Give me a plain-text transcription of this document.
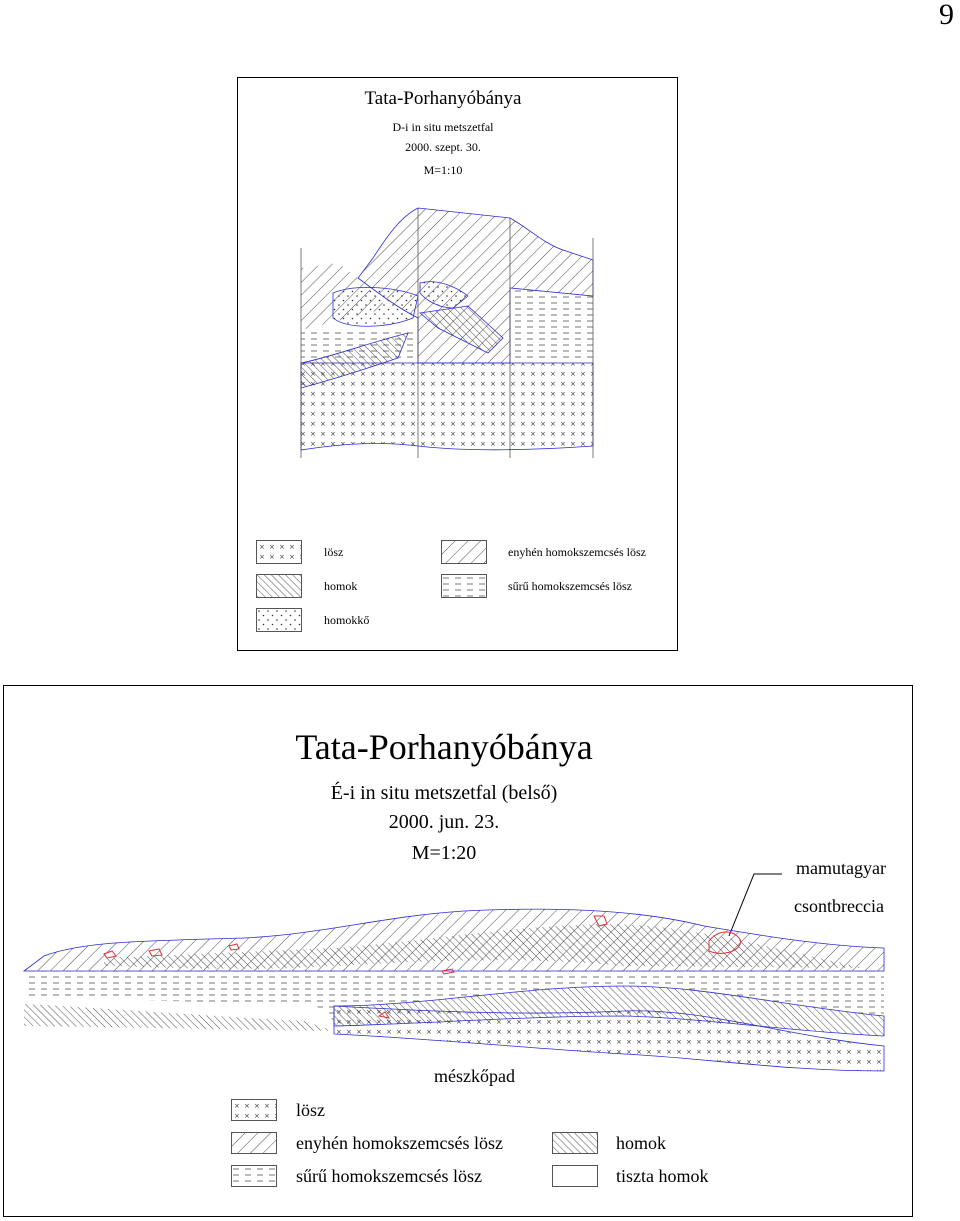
9
Tata-Porhanyóbánya
D-i in situ metszetfal
2000. szept. 30.
M=1:10
lösz	enyhén homokszemcsés lösz
homok	sűrű homokszemcsés lösz
homokkő
Tata-Porhanyóbánya
É-i in situ metszetfal (belső)
2000. jun. 23.
M=1:20
mamutagyar
csontbreccia
mészkőpad
lösz
enyhén homokszemcsés lösz	homok
sűrű homokszemcsés lösz	tiszta homok
